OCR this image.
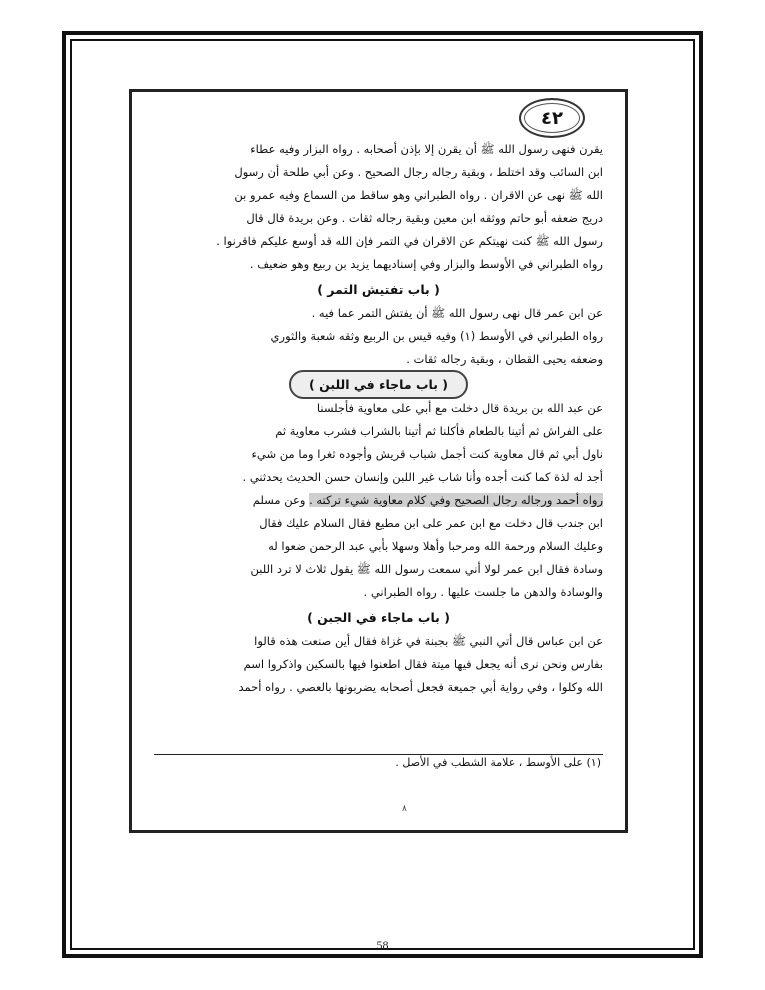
٤٢
يقرن فنهى رسول الله ﷺ أن يقرن إلا بإذن أصحابه . رواه البزار وفيه عطاء
ابن السائب وقد اختلط ، وبقية رجاله رجال الصحيح . وعن أبي طلحة أن رسول
الله ﷺ نهى عن الاقران . رواه الطبراني وهو ساقط من السماع وفيه عمرو بن
دريج ضعفه أبو حاتم ووثقه ابن معين وبقية رجاله ثقات . وعن بريدة قال قال
رسول الله ﷺ كنت نهيتكم عن الاقران في التمر فإن الله قد أوسع عليكم فاقرنوا .
رواه الطبراني في الأوسط والبزار وفي إسناديهما يزيد بن ربيع وهو ضعيف .
( باب تفتيش التمر )
عن ابن عمر قال نهى رسول الله ﷺ أن يفتش التمر عما فيه .
رواه الطبراني في الأوسط (١) وفيه قيس بن الربيع وثقه شعبة والثوري
وضعفه يحيى القطان ، وبقية رجاله ثقات .
( باب ماجاء في اللبن )
عن عبد الله بن بريدة قال دخلت مع أبي على معاوية فأجلسنا
على الفراش ثم أتينا بالطعام فأكلنا ثم أتينا بالشراب فشرب معاوية ثم
ناول أبي ثم قال معاوية كنت أجمل شباب قريش وأجوده ثغرا وما من شيء
أجد له لذة كما كنت أجده وأنا شاب غير اللبن وإنسان حسن الحديث يحدثني .
رواه أحمد ورجاله رجال الصحيح وفي كلام معاوية شيء تركته . وعن مسلم
ابن جندب قال دخلت مع ابن عمر على ابن مطيع فقال السلام عليك فقال
وعليك السلام ورحمة الله ومرحبا وأهلا وسهلا بأبي عبد الرحمن ضعوا له
وسادة فقال ابن عمر لولا أني سمعت رسول الله ﷺ يقول ثلاث لا ترد اللبن
والوسادة والدهن ما جلست عليها . رواه الطبراني .
( باب ماجاء في الجبن )
عن ابن عباس قال أتي النبي ﷺ بجبنة في غزاة فقال أين صنعت هذه قالوا
بفارس ونحن نرى أنه يجعل فيها ميتة فقال اطعنوا فيها بالسكين واذكروا اسم
الله وكلوا ، وفي رواية أبي جميعة فجعل أصحابه يضربونها بالعصي . رواه أحمد
(١) على الأوسط ، علامة الشطب في الأصل .
٨
58
